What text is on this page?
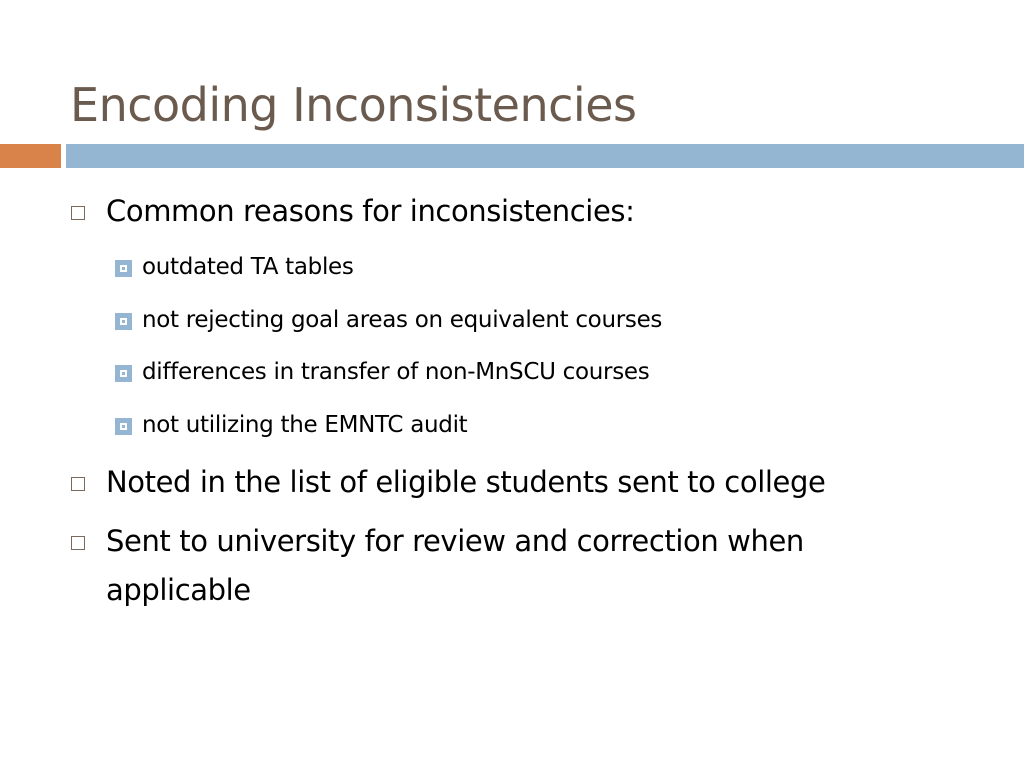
Encoding Inconsistencies
Common reasons for inconsistencies:
outdated TA tables
not rejecting goal areas on equivalent courses
differences in transfer of non-MnSCU courses
not utilizing the EMNTC audit
Noted in the list of eligible students sent to college
Sent to university for review and correction when applicable
